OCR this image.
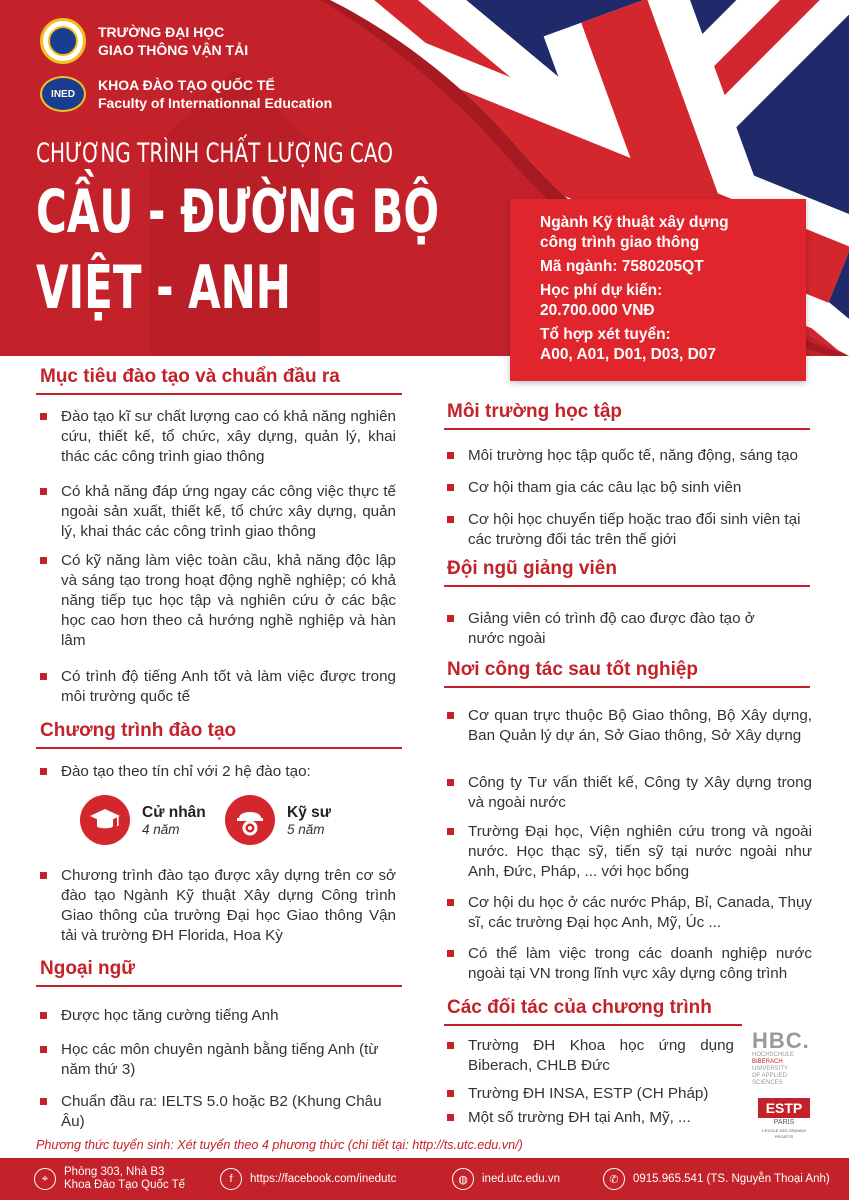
TRƯỜNG ĐẠI HỌC
GIAO THÔNG VẬN TẢI
INED
KHOA ĐÀO TẠO QUỐC TẾ
Faculty of Internationnal Education
CHƯƠNG TRÌNH CHẤT LƯỢNG CAO
CẦU - ĐƯỜNG BỘ
VIỆT - ANH
Ngành Kỹ thuật xây dựng
công trình giao thông
Mã ngành: 7580205QT
Học phí dự kiến:
20.700.000 VNĐ
Tổ hợp xét tuyển:
A00, A01, D01, D03, D07
Mục tiêu đào tạo và chuẩn đầu ra
Đào tạo kĩ sư chất lượng cao có khả năng nghiên cứu, thiết kế, tổ chức, xây dựng, quản lý, khai thác các công trình giao thông
Có khả năng đáp ứng ngay các công việc thực tế ngoài sản xuất, thiết kế, tổ chức xây dựng, quản lý, khai thác các công trình giao thông
Có kỹ năng làm việc toàn cầu, khả năng độc lập và sáng tạo trong hoạt động nghề nghiệp; có khả năng tiếp tục học tập và nghiên cứu ở các bậc học cao hơn theo cả hướng nghề nghiệp và hàn lâm
Có trình độ tiếng Anh tốt và làm việc được trong môi trường quốc tế
Chương trình đào tạo
Đào tạo theo tín chỉ với 2 hệ đào tạo:
Cử nhân
4 năm
Kỹ sư
5 năm
Chương trình đào tạo được xây dựng trên cơ sở đào tạo Ngành Kỹ thuật Xây dựng Công trình Giao thông của trường Đại học Giao thông Vận tải và trường ĐH Florida, Hoa Kỳ
Ngoại ngữ
Được học tăng cường tiếng Anh
Học các môn chuyên ngành bằng tiếng Anh (từ năm thứ 3)
Chuẩn đầu ra: IELTS 5.0 hoặc B2 (Khung Châu Âu)
Môi trường học tập
Môi trường học tập quốc tế, năng động, sáng tạo
Cơ hội tham gia các câu lạc bộ sinh viên
Cơ hội học chuyển tiếp hoặc trao đổi sinh viên tại các trường đối tác trên thế giới
Đội ngũ giảng viên
Giảng viên có trình độ cao được đào tạo ở nước ngoài
Nơi công tác sau tốt nghiệp
Cơ quan trực thuộc Bộ Giao thông, Bộ Xây dựng, Ban Quản lý dự án, Sở Giao thông, Sở Xây dựng
Công ty Tư vấn thiết kế, Công ty Xây dựng trong và ngoài nước
Trường Đại học, Viện nghiên cứu trong và ngoài nước. Học thạc sỹ, tiến sỹ tại nước ngoài như Anh, Đức, Pháp, ... với học bổng
Cơ hội du học ở các nước Pháp, Bỉ, Canada, Thụy sĩ, các trường Đại học Anh, Mỹ, Úc ...
Có thể làm việc trong các doanh nghiệp nước ngoài tại VN trong lĩnh vực xây dựng công trình
Các đối tác của chương trình
Trường ĐH Khoa học ứng dụng Biberach, CHLB Đức
Trường ĐH INSA, ESTP (CH Pháp)
Một số trường ĐH tại Anh, Mỹ, ...
HBC.
HOCHSCHULE
BIBERACH
UNIVERSITY
OF APPLIED SCIENCES
ESTP
PARIS
L'ÉCOLE DES GRANDS PROJETS
Phương thức tuyển sinh: Xét tuyển theo 4 phương thức (chi tiết tại: http://ts.utc.edu.vn/)
⌖
Phòng 303, Nhà B3
Khoa Đào Tạo Quốc Tế	f	https://facebook.com/inedutc	◍	ined.utc.edu.vn	✆	0915.965.541 (TS. Nguyễn Thoại Anh)
